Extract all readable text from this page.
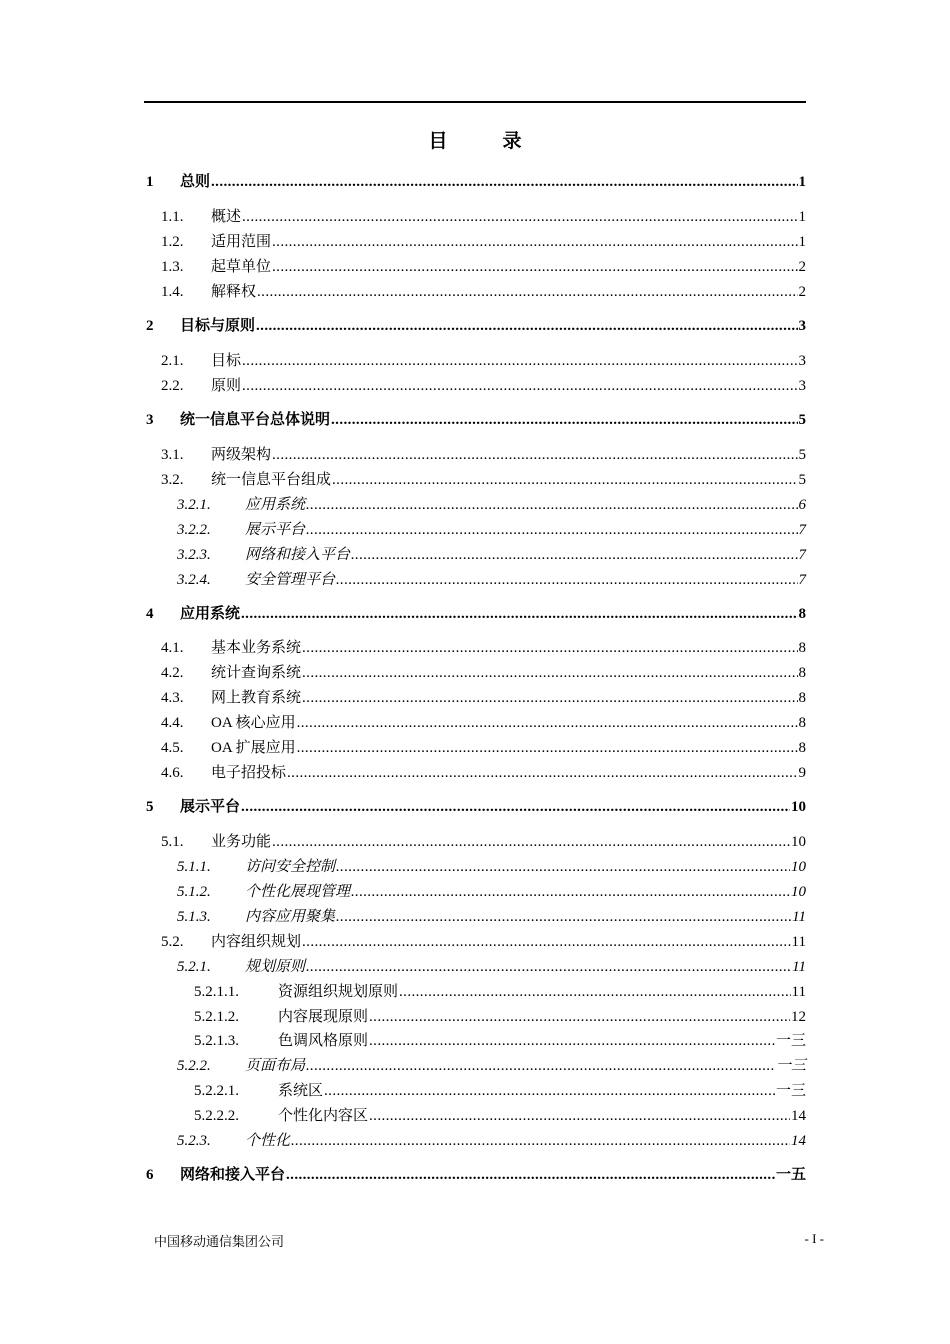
目　录
1	总则 .....	1
1.1.	概述 .....	1
1.2.	适用范围 .....	1
1.3.	起草单位 .....	2
1.4.	解释权 .....	2
2	目标与原则 .....	3
2.1.	目标 .....	3
2.2.	原则 .....	3
3	统一信息平台总体说明 .....	5
3.1.	两级架构 .....	5
3.2.	统一信息平台组成 .....	5
3.2.1.	应用系统 .....	6
3.2.2.	展示平台 .....	7
3.2.3.	网络和接入平台 .....	7
3.2.4.	安全管理平台 .....	7
4	应用系统 .....	8
4.1.	基本业务系统 .....	8
4.2.	统计查询系统 .....	8
4.3.	网上教育系统 .....	8
4.4.	OA 核心应用 .....	8
4.5.	OA 扩展应用 .....	8
4.6.	电子招投标 .....	9
5	展示平台 .....	10
5.1.	业务功能 .....	10
5.1.1.	访问安全控制 .....	10
5.1.2.	个性化展现管理 .....	10
5.1.3.	内容应用聚集 .....	11
5.2.	内容组织规划 .....	11
5.2.1.	规划原则 .....	11
5.2.1.1.	资源组织规划原则 .....	11
5.2.1.2.	内容展现原则 .....	12
5.2.1.3.	色调风格原则 .....	一三
5.2.2.	页面布局 .....	一三
5.2.2.1.	系统区 .....	一三
5.2.2.2.	个性化内容区 .....	14
5.2.3.	个性化 .....	14
6	网络和接入平台 .....	一五
中国移动通信集团公司	- I -
